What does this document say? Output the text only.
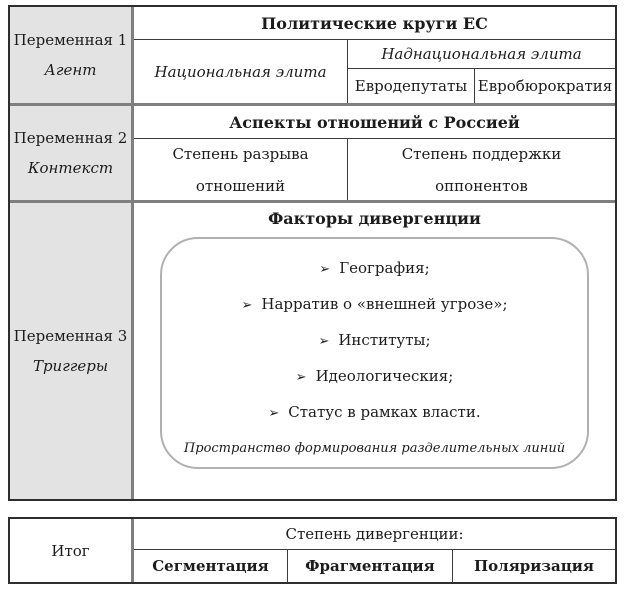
Переменная 1
Агент
Политические круги ЕС
Национальная элита
Наднациональная элита
Евродепутаты Евробюрократия
Переменная 2
Контекст
Аспекты отношений с Россией
Степень разрыва
отношений
Степень поддержки
оппонентов
Переменная 3
Триггеры
Факторы дивергенции
➢ География;
➢ Нарратив о «внешней угрозе»;
➢ Институты;
➢ Идеологическия;
➢ Статус в рамках власти.
Пространство формирования разделительных линий
Итог
Степень дивергенции:
Сегментация	Фрагментация	Поляризация
